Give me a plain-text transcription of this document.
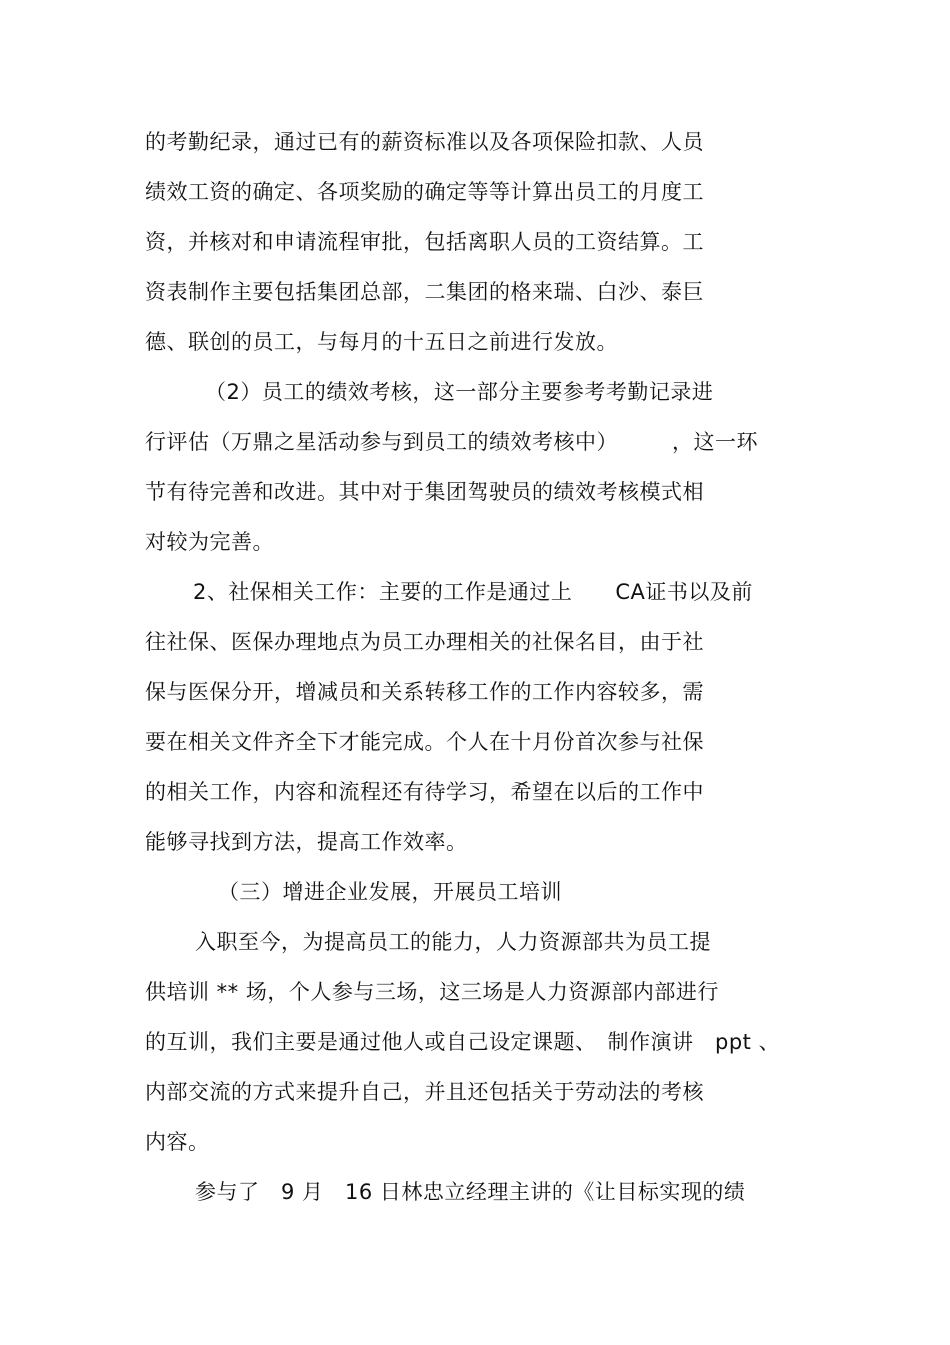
的考勤纪录，通过已有的薪资标准以及各项保险扣款、人员
绩效工资的确定、各项奖励的确定等等计算出员工的月度工
资，并核对和申请流程审批，包括离职人员的工资结算。工
资表制作主要包括集团总部，二集团的格来瑞、白沙、泰巨
德、联创的员工，与每月的十五日之前进行发放。
（2）员工的绩效考核，这一部分主要参考考勤记录进
行评估（万鼎之星活动参与到员工的绩效考核中）　　　，这一环
节有待完善和改进。其中对于集团驾驶员的绩效考核模式相
对较为完善。
2、社保相关工作：主要的工作是通过上　　CA证书以及前
往社保、医保办理地点为员工办理相关的社保名目，由于社
保与医保分开，增减员和关系转移工作的工作内容较多，需
要在相关文件齐全下才能完成。个人在十月份首次参与社保
的相关工作，内容和流程还有待学习，希望在以后的工作中
能够寻找到方法，提高工作效率。
（三）增进企业发展，开展员工培训
入职至今，为提高员工的能力，人力资源部共为员工提
供培训 ** 场，个人参与三场，这三场是人力资源部内部进行
的互训，我们主要是通过他人或自己设定课题、　制作演讲　ppt 、
内部交流的方式来提升自己，并且还包括关于劳动法的考核
内容。
参与了　9 月　16 日林忠立经理主讲的《让目标实现的绩
